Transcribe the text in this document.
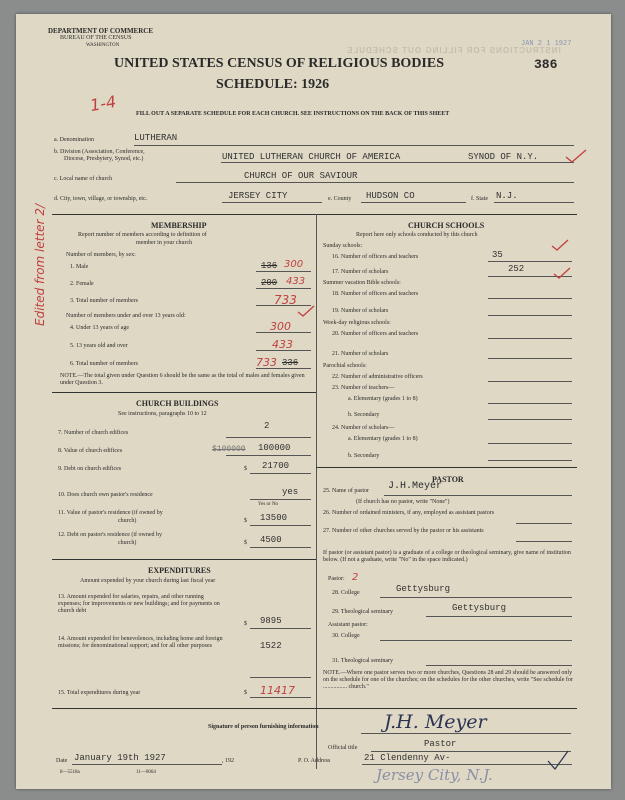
DEPARTMENT OF COMMERCE
BUREAU OF THE CENSUS
WASHINGTON
INSTRUCTIONS FOR FILLING OUT SCHEDULE
JAN 2 1 1927
UNITED STATES CENSUS OF RELIGIOUS BODIES	386
SCHEDULE: 1926
1-4	FILL OUT A SEPARATE SCHEDULE FOR EACH CHURCH. SEE INSTRUCTIONS ON THE BACK OF THIS SHEET
a. Denomination	LUTHERAN
b. Division (Association, Conference,
Diocese, Presbytery, Synod, etc.)	UNITED LUTHERAN CHURCH OF AMERICA	SYNOD OF N.Y.
c. Local name of church	CHURCH OF OUR SAVIOUR
d. City, town, village, or township, etc.	JERSEY CITY	e. County HUDSON CO	f. State N.J.
Edited from letter 2/	MEMBERSHIP
Report number of members according to definition of
member in your church
Number of members, by sex:
1. Male	136 300
2. Female	200 433
3. Total number of members	733
Number of members under and over 13 years old:
4. Under 13 years of age	300
5. 13 years old and over	433
6. Total number of members	733 336
NOTE.—The total given under Question 6 should be the same as the total of males and females given under Question 3.
CHURCH BUILDINGS
See instructions, paragraphs 10 to 12
7. Number of church edifices
2
8. Value of church edifices	$100000 100000
9. Debt on church edifices	$ 21700
10. Does church own pastor's residence	yes
Yes or No
11. Value of pastor's residence (if owned by
church)	$ 13500
12. Debt on pastor's residence (if owned by
church)	$ 4500
EXPENDITURES
Amount expended by your church during last fiscal year
13. Amount expended for salaries, repairs, and other running expenses; for improvements or new buildings; and for payments on church debt
$ 9895
14. Amount expended for benevolences, including home and foreign missions; for denominational support; and for all other purposes	1522
15. Total expenditures during year	$ 11417
CHURCH SCHOOLS
Report here only schools conducted by this church
Sunday schools:
16. Number of officers and teachers	35
17. Number of scholars	252
Summer vacation Bible schools:
18. Number of officers and teachers
19. Number of scholars
Week-day religious schools:
20. Number of officers and teachers
21. Number of scholars
Parochial schools:
22. Number of administrative officers
23. Number of teachers—
a. Elementary (grades 1 to 8)
b. Secondary
24. Number of scholars—
a. Elementary (grades 1 to 8)
b. Secondary
PASTOR
25. Name of pastor J.H.Meyer
(If church has no pastor, write "None")
26. Number of ordained ministers, if any, employed as assistant pastors
27. Number of other churches served by the pastor or his assistants
If pastor (or assistant pastor) is a graduate of a college or theological seminary, give name of institution below. (If not a graduate, write "No" in the space indicated.)
Pastor: 2
28. College	Gettysburg
29. Theological seminary	Gettysburg
Assistant pastor:
30. College
31. Theological seminary
NOTE.—Where one pastor serves two or more churches, Questions 28 and 29 should be answered only on the schedule for one of the churches; on the schedules for the other churches, write "See schedule for ................ church."
Signature of person furnishing information	J.H. Meyer
Official title	Pastor
Date January 19th 1927	, 192	P. O. Address	21 Clendenny Av-
Jersey City, N.J.
8—5518a	11—0064
